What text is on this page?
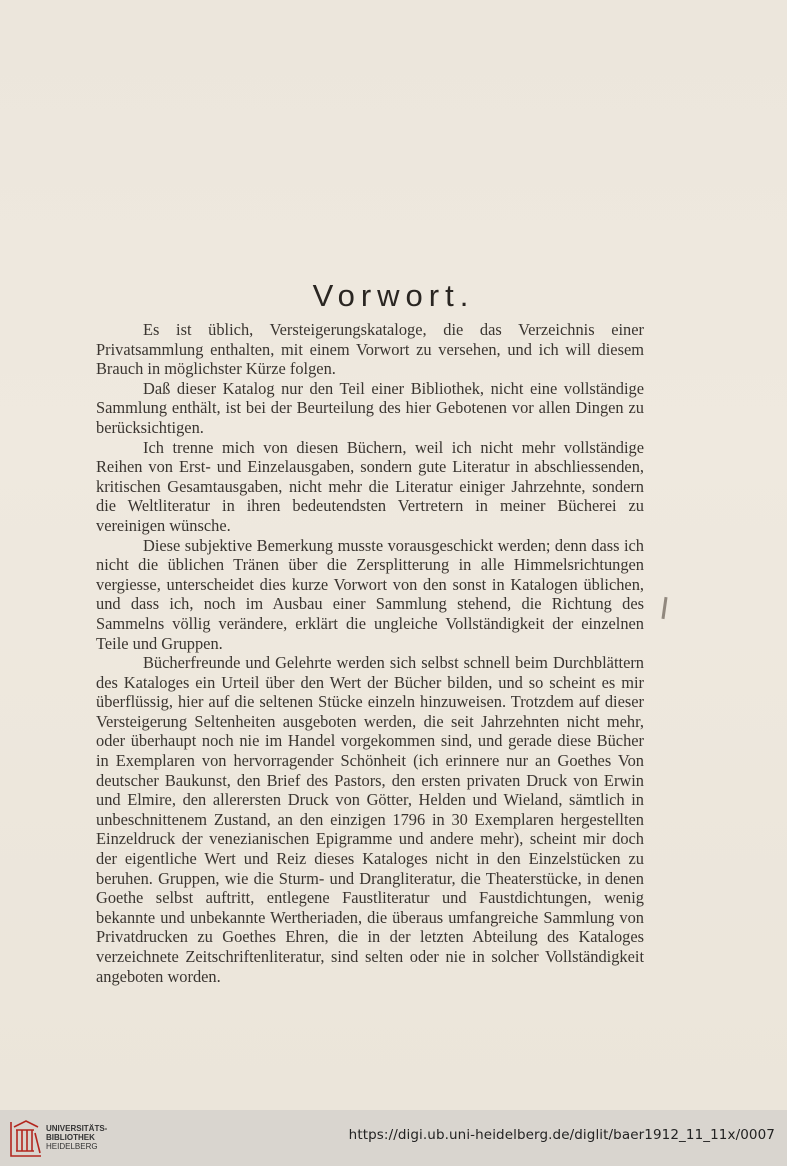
Vorwort.

Es ist üblich, Versteigerungskataloge, die das Verzeichnis einer Privatsammlung enthalten, mit einem Vorwort zu versehen, und ich will diesem Brauch in möglichster Kürze folgen.

Daß dieser Katalog nur den Teil einer Bibliothek, nicht eine vollständige Sammlung enthält, ist bei der Beurteilung des hier Gebotenen vor allen Dingen zu berücksichtigen.

Ich trenne mich von diesen Büchern, weil ich nicht mehr vollständige Reihen von Erst- und Einzelausgaben, sondern gute Literatur in abschliessenden, kritischen Gesamtausgaben, nicht mehr die Literatur einiger Jahrzehnte, sondern die Weltliteratur in ihren bedeutendsten Vertretern in meiner Bücherei zu vereinigen wünsche.

Diese subjektive Bemerkung musste vorausgeschickt werden; denn dass ich nicht die üblichen Tränen über die Zersplitterung in alle Himmelsrichtungen vergiesse, unterscheidet dies kurze Vorwort von den sonst in Katalogen üblichen, und dass ich, noch im Ausbau einer Sammlung stehend, die Richtung des Sammelns völlig verändere, erklärt die ungleiche Vollständigkeit der einzelnen Teile und Gruppen.

Bücherfreunde und Gelehrte werden sich selbst schnell beim Durchblättern des Kataloges ein Urteil über den Wert der Bücher bilden, und so scheint es mir überflüssig, hier auf die seltenen Stücke einzeln hinzuweisen. Trotzdem auf dieser Versteigerung Seltenheiten ausgeboten werden, die seit Jahrzehnten nicht mehr, oder überhaupt noch nie im Handel vorgekommen sind, und gerade diese Bücher in Exemplaren von hervorragender Schönheit (ich erinnere nur an Goethes Von deutscher Baukunst, den Brief des Pastors, den ersten privaten Druck von Erwin und Elmire, den allerersten Druck von Götter, Helden und Wieland, sämtlich in unbeschnittenem Zustand, an den einzigen 1796 in 30 Exemplaren hergestellten Einzeldruck der venezianischen Epigramme und andere mehr), scheint mir doch der eigentliche Wert und Reiz dieses Kataloges nicht in den Einzelstücken zu beruhen. Gruppen, wie die Sturm- und Drangliteratur, die Theaterstücke, in denen Goethe selbst auftritt, entlegene Faustliteratur und Faustdichtungen, wenig bekannte und unbekannte Wertheriaden, die überaus umfangreiche Sammlung von Privatdrucken zu Goethes Ehren, die in der letzten Abteilung des Kataloges verzeichnete Zeitschriftenliteratur, sind selten oder nie in solcher Vollständigkeit angeboten worden.

UNIVERSITÄTS-
BIBLIOTHEK
HEIDELBERG
https://digi.ub.uni-heidelberg.de/diglit/baer1912_11_11x/0007
